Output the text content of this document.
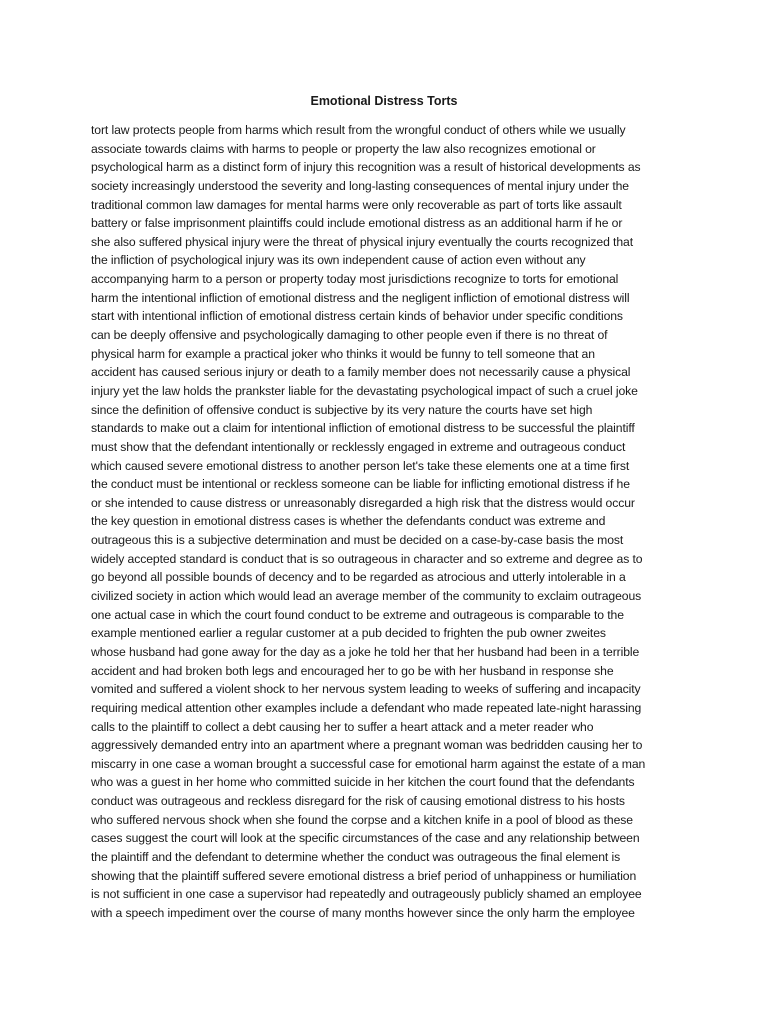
Emotional Distress Torts
tort law protects people from harms which result from the wrongful conduct of others while we usually
associate towards claims with harms to people or property the law also recognizes emotional or
psychological harm as a distinct form of injury this recognition was a result of historical developments as
society increasingly understood the severity and long-lasting consequences of mental injury under the
traditional common law damages for mental harms were only recoverable as part of torts like assault
battery or false imprisonment plaintiffs could include emotional distress as an additional harm if he or
she also suffered physical injury were the threat of physical injury eventually the courts recognized that
the infliction of psychological injury was its own independent cause of action even without any
accompanying harm to a person or property today most jurisdictions recognize to torts for emotional
harm the intentional infliction of emotional distress and the negligent infliction of emotional distress will
start with intentional infliction of emotional distress certain kinds of behavior under specific conditions
can be deeply offensive and psychologically damaging to other people even if there is no threat of
physical harm for example a practical joker who thinks it would be funny to tell someone that an
accident has caused serious injury or death to a family member does not necessarily cause a physical
injury yet the law holds the prankster liable for the devastating psychological impact of such a cruel joke
since the definition of offensive conduct is subjective by its very nature the courts have set high
standards to make out a claim for intentional infliction of emotional distress to be successful the plaintiff
must show that the defendant intentionally or recklessly engaged in extreme and outrageous conduct
which caused severe emotional distress to another person let's take these elements one at a time first
the conduct must be intentional or reckless someone can be liable for inflicting emotional distress if he
or she intended to cause distress or unreasonably disregarded a high risk that the distress would occur
the key question in emotional distress cases is whether the defendants conduct was extreme and
outrageous this is a subjective determination and must be decided on a case-by-case basis the most
widely accepted standard is conduct that is so outrageous in character and so extreme and degree as to
go beyond all possible bounds of decency and to be regarded as atrocious and utterly intolerable in a
civilized society in action which would lead an average member of the community to exclaim outrageous
one actual case in which the court found conduct to be extreme and outrageous is comparable to the
example mentioned earlier a regular customer at a pub decided to frighten the pub owner zweites
whose husband had gone away for the day as a joke he told her that her husband had been in a terrible
accident and had broken both legs and encouraged her to go be with her husband in response she
vomited and suffered a violent shock to her nervous system leading to weeks of suffering and incapacity
requiring medical attention other examples include a defendant who made repeated late-night harassing
calls to the plaintiff to collect a debt causing her to suffer a heart attack and a meter reader who
aggressively demanded entry into an apartment where a pregnant woman was bedridden causing her to
miscarry in one case a woman brought a successful case for emotional harm against the estate of a man
who was a guest in her home who committed suicide in her kitchen the court found that the defendants
conduct was outrageous and reckless disregard for the risk of causing emotional distress to his hosts
who suffered nervous shock when she found the corpse and a kitchen knife in a pool of blood as these
cases suggest the court will look at the specific circumstances of the case and any relationship between
the plaintiff and the defendant to determine whether the conduct was outrageous the final element is
showing that the plaintiff suffered severe emotional distress a brief period of unhappiness or humiliation
is not sufficient in one case a supervisor had repeatedly and outrageously publicly shamed an employee
with a speech impediment over the course of many months however since the only harm the employee
